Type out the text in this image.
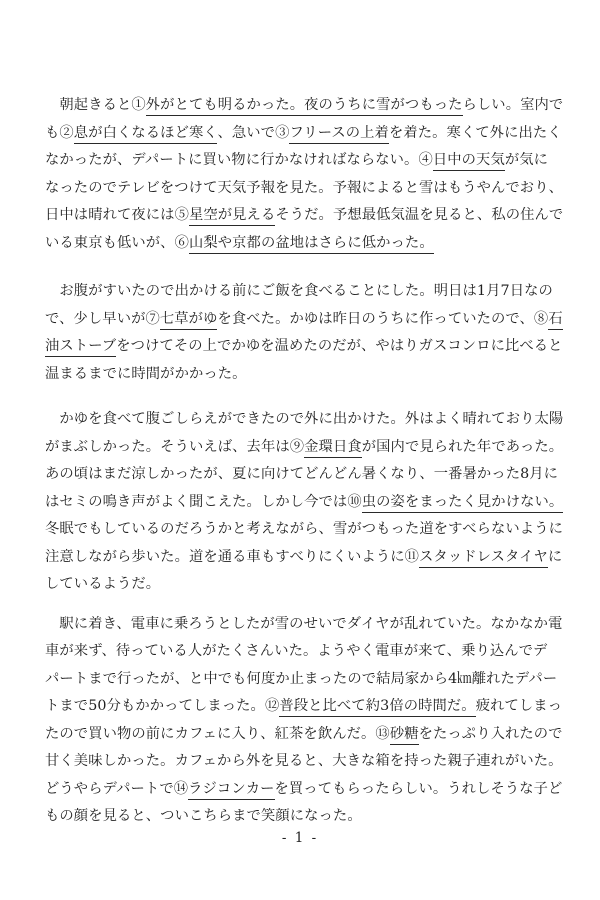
　朝起きると①外がとても明るかった。夜のうちに雪がつもったらしい。室内で
も②息が白くなるほど寒く、急いで③フリースの上着を着た。寒くて外に出たく
なかったが、デパートに買い物に行かなければならない。④日中の天気が気に
なったのでテレビをつけて天気予報を見た。予報によると雪はもうやんでおり、
日中は晴れて夜には⑤星空が見えるそうだ。予想最低気温を見ると、私の住んで
いる東京も低いが、⑥山梨や京都の盆地はさらに低かった。
　お腹がすいたので出かける前にご飯を食べることにした。明日は1月7日なの
で、少し早いが⑦七草がゆを食べた。かゆは昨日のうちに作っていたので、⑧石
油ストーブをつけてその上でかゆを温めたのだが、やはりガスコンロに比べると
温まるまでに時間がかかった。
　かゆを食べて腹ごしらえができたので外に出かけた。外はよく晴れており太陽
がまぶしかった。そういえば、去年は⑨金環日食が国内で見られた年であった。
あの頃はまだ涼しかったが、夏に向けてどんどん暑くなり、一番暑かった8月に
はセミの鳴き声がよく聞こえた。しかし今では⑩虫の姿をまったく見かけない。
冬眠でもしているのだろうかと考えながら、雪がつもった道をすべらないように
注意しながら歩いた。道を通る車もすべりにくいように⑪スタッドレスタイヤに
しているようだ。
　駅に着き、電車に乗ろうとしたが雪のせいでダイヤが乱れていた。なかなか電
車が来ず、待っている人がたくさんいた。ようやく電車が来て、乗り込んでデ
パートまで行ったが、と中でも何度か止まったので結局家から4㎞離れたデパー
トまで50分もかかってしまった。⑫普段と比べて約3倍の時間だ。疲れてしまっ
たので買い物の前にカフェに入り、紅茶を飲んだ。⑬砂糖をたっぷり入れたので
甘く美味しかった。カフェから外を見ると、大きな箱を持った親子連れがいた。
どうやらデパートで⑭ラジコンカーを買ってもらったらしい。うれしそうな子ど
もの顔を見ると、ついこちらまで笑顔になった。
- 1 -
